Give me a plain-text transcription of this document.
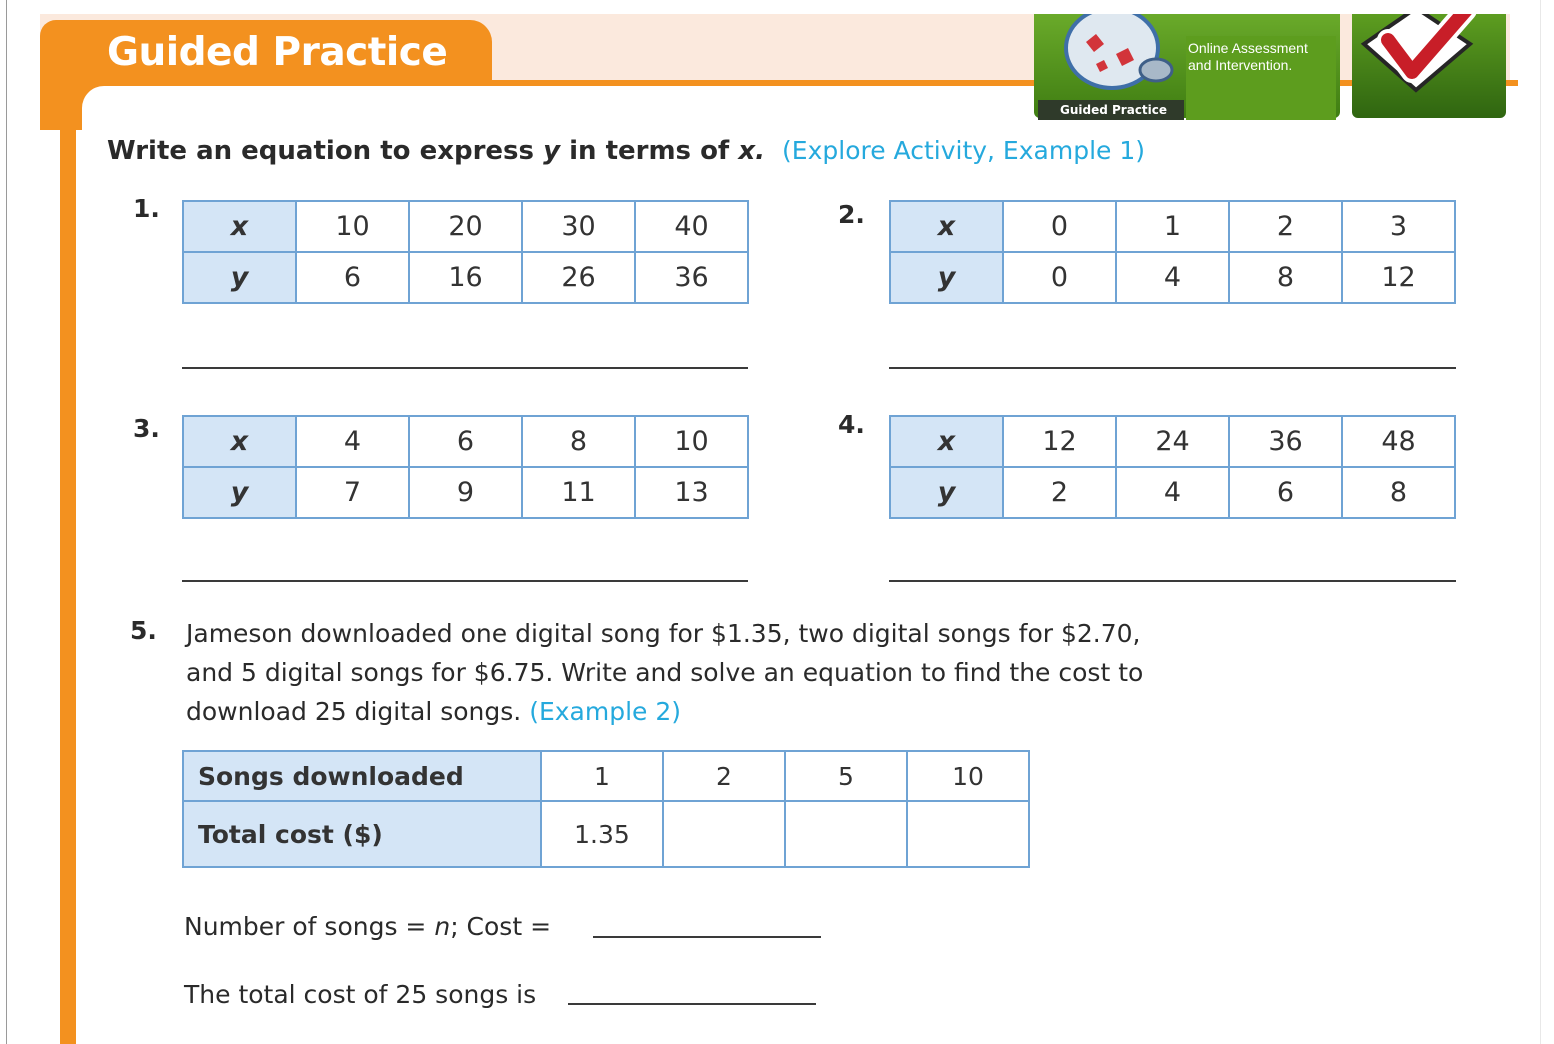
Guided Practice
Guided Practice
Online Assessment and Intervention.
Write an equation to express y in terms of x. (Explore Activity, Example 1)
1.
x	10	20	30	40
y	6	16	26	36
2.	x	0	1	2	3
y	0	4	8	12
3.	x	4	6	8	10
y	7	9	11	13
4.
x	12	24	36	48
y	2	4	6	8
5. Jameson downloaded one digital song for $1.35, two digital songs for $2.70, and 5 digital songs for $6.75. Write and solve an equation to find the cost to download 25 digital songs. (Example 2)
Songs downloaded	1	2	5	10
Total cost ($)	1.35			
Number of songs = n; Cost =
The total cost of 25 songs is
